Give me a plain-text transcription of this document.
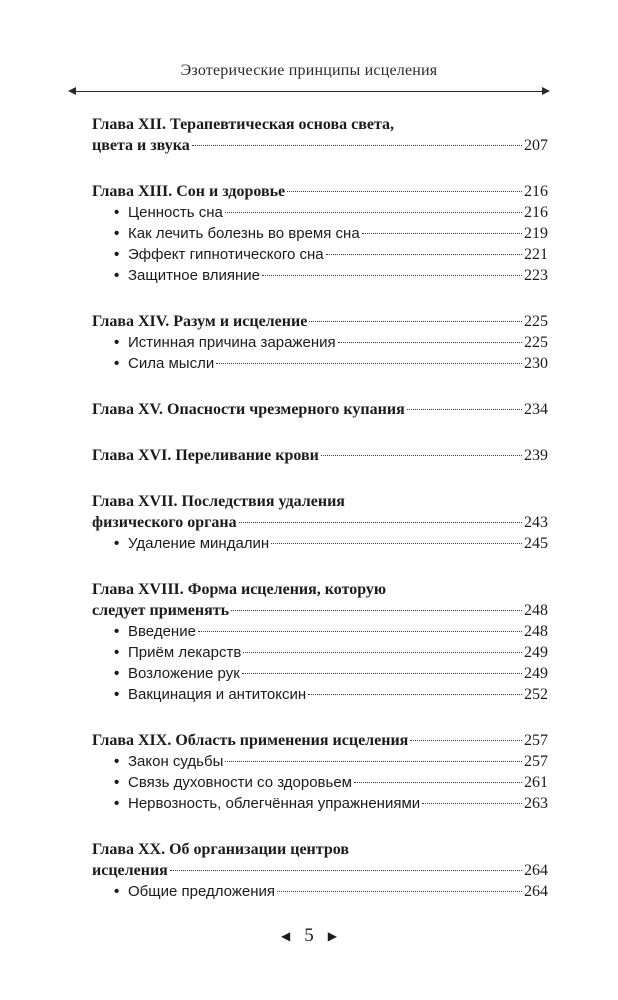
Эзотерические принципы исцеления
Глава XII. Терапевтическая основа света,
цвета и звука	207
Глава XIII. Сон и здоровье	216
• Ценность сна	216
• Как лечить болезнь во время сна	219
• Эффект гипнотического сна	221
• Защитное влияние	223
Глава XIV. Разум и исцеление	225
• Истинная причина заражения	225
• Сила мысли	230
Глава XV. Опасности чрезмерного купания	234
Глава XVI. Переливание крови	239
Глава XVII. Последствия удаления
физического органа	243
• Удаление миндалин	245
Глава XVIII. Форма исцеления, которую
следует применять	248
• Введение	248
• Приём лекарств	249
• Возложение рук	249
• Вакцинация и антитоксин	252
Глава XIX. Область применения исцеления	257
• Закон судьбы	257
• Связь духовности со здоровьем	261
• Нервозность, облегчённая упражнениями	263
Глава XX. Об организации центров
исцеления	264
• Общие предложения	264
◀ 5 ▶
